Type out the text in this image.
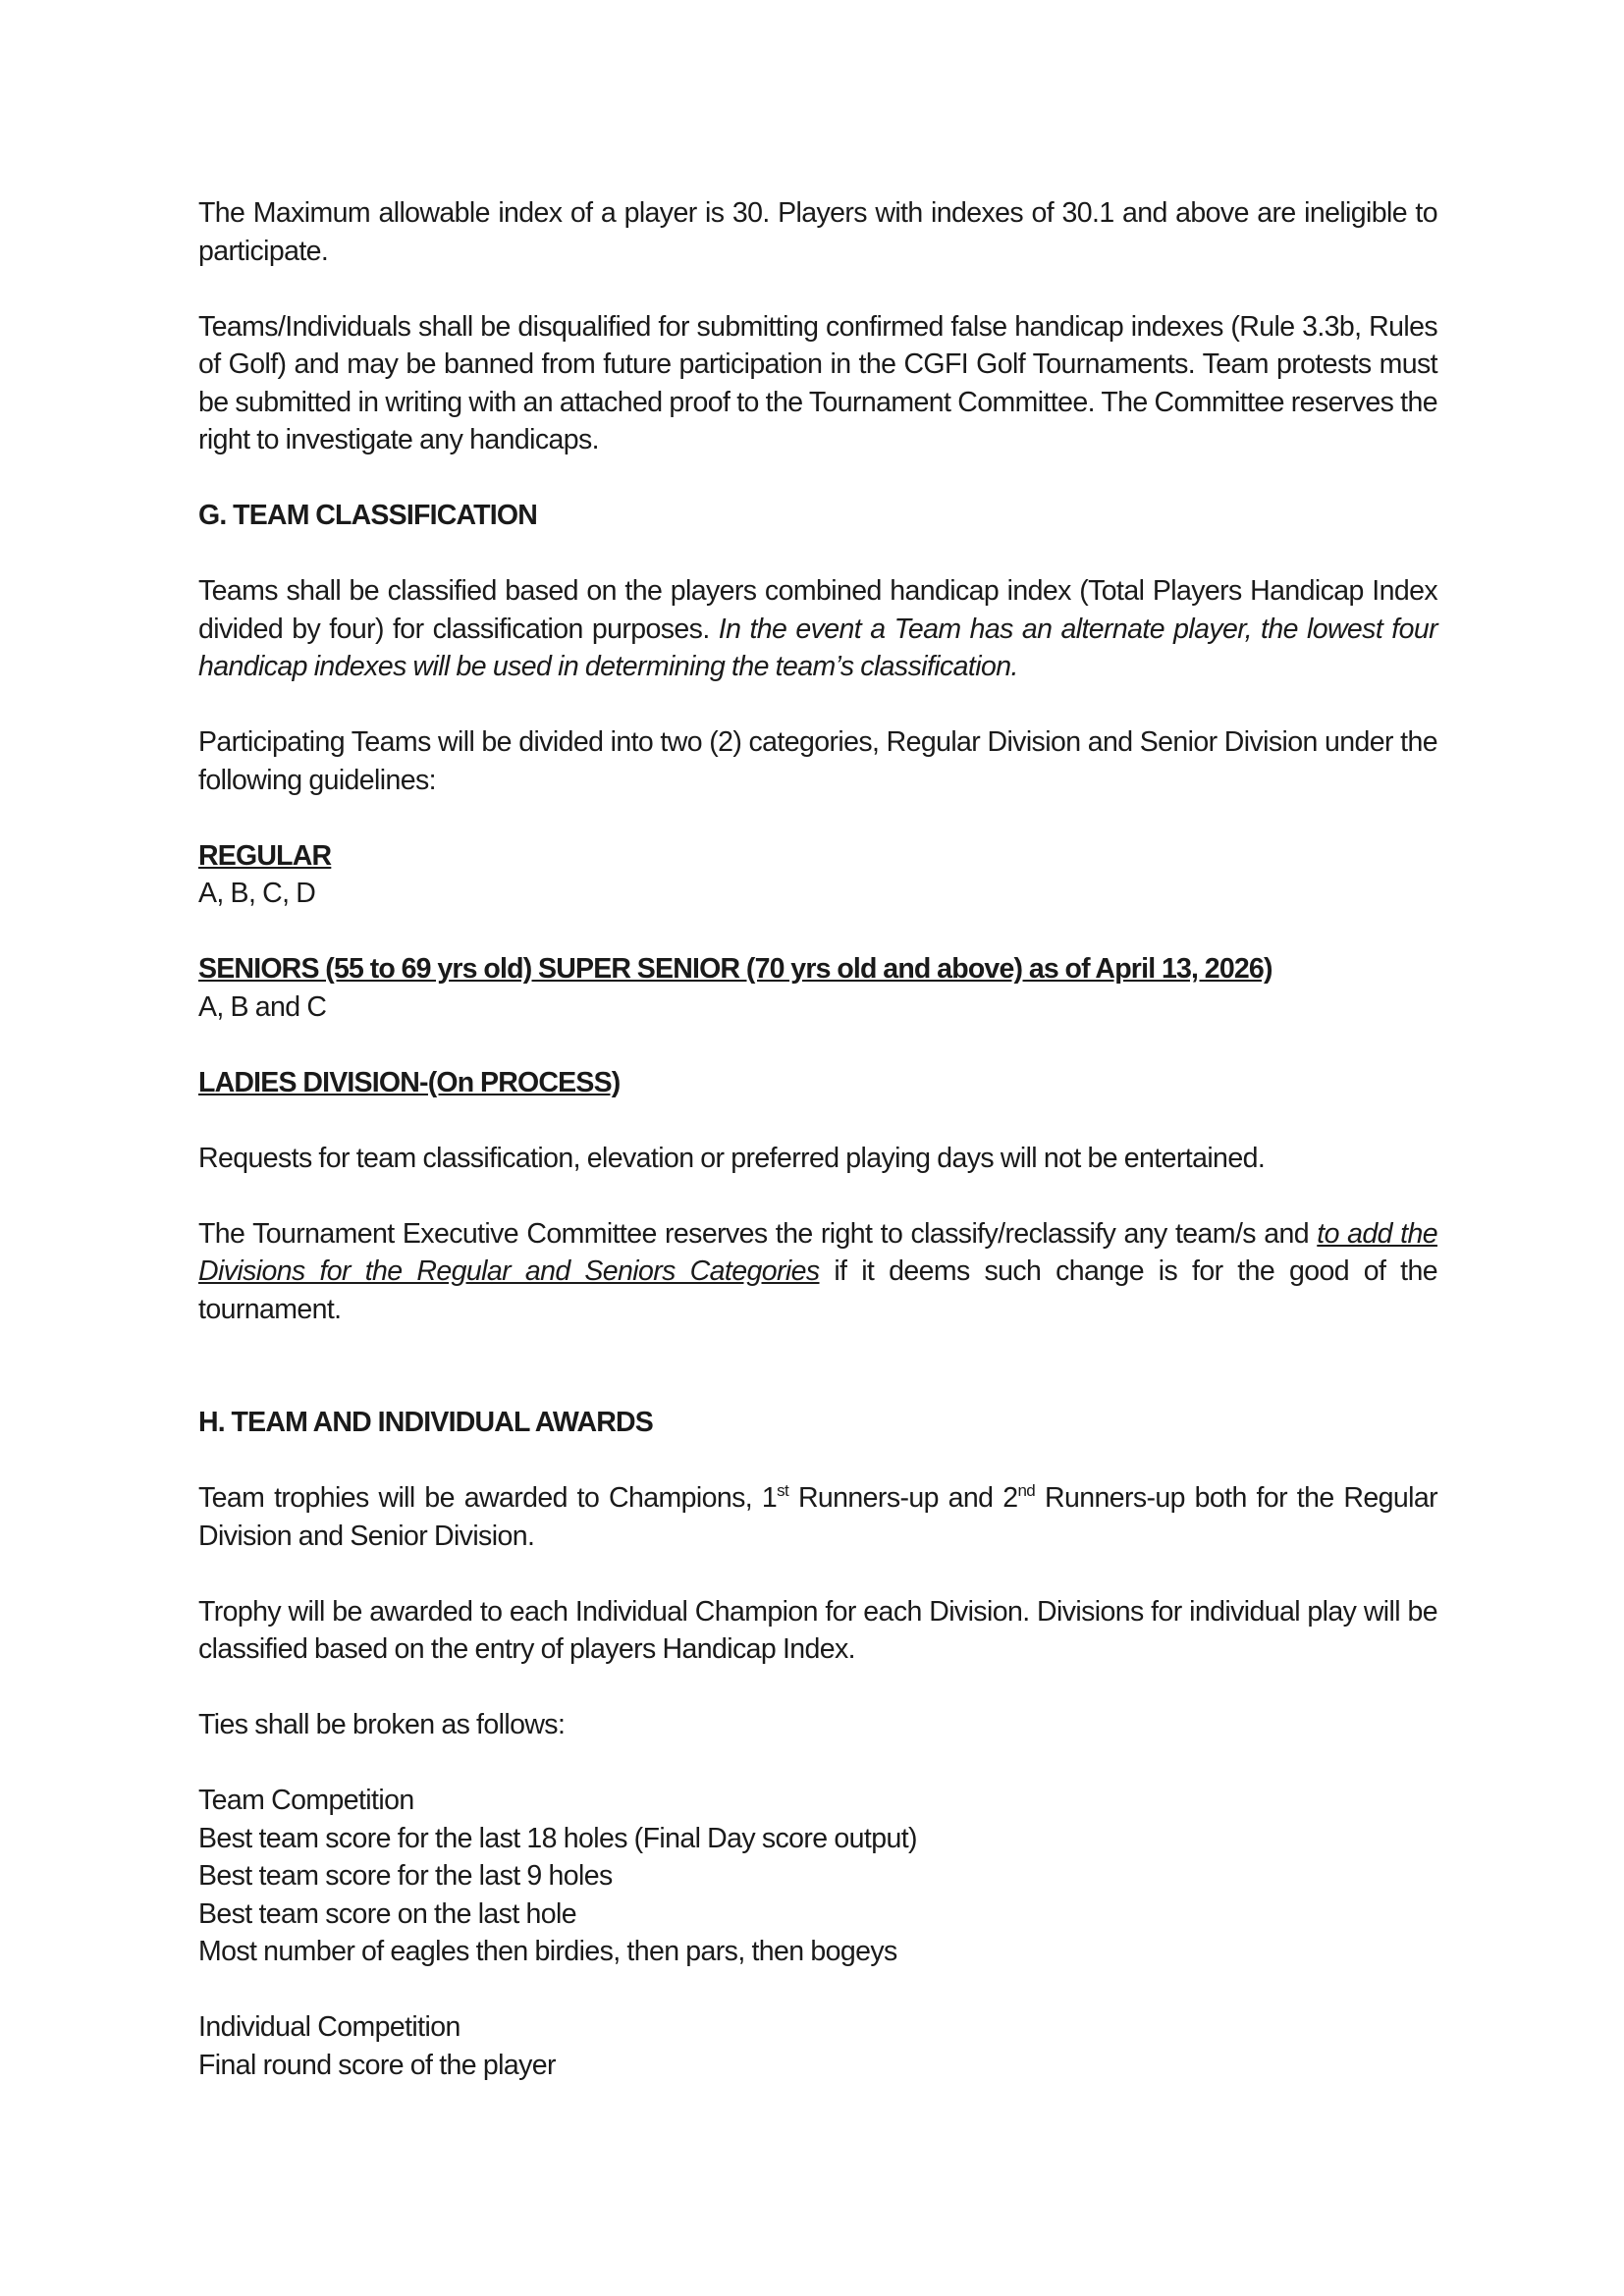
The Maximum allowable index of a player is 30. Players with indexes of 30.1 and above are ineligible to participate.

Teams/Individuals shall be disqualified for submitting confirmed false handicap indexes (Rule 3.3b, Rules of Golf) and may be banned from future participation in the CGFI Golf Tournaments. Team protests must be submitted in writing with an attached proof to the Tournament Committee. The Committee reserves the right to investigate any handicaps.

G. TEAM CLASSIFICATION

Teams shall be classified based on the players combined handicap index (Total Players Handicap Index divided by four) for classification purposes. In the event a Team has an alternate player, the lowest four handicap indexes will be used in determining the team’s classification.

Participating Teams will be divided into two (2) categories, Regular Division and Senior Division under the following guidelines:

REGULAR
A, B, C, D
SENIORS (55 to 69 yrs old) SUPER SENIOR (70 yrs old and above) as of April 13, 2026)
A, B and C
LADIES DIVISION-(On PROCESS)

Requests for team classification, elevation or preferred playing days will not be entertained.

The Tournament Executive Committee reserves the right to classify/reclassify any team/s and to add the Divisions for the Regular and Seniors Categories if it deems such change is for the good of the tournament.

H. TEAM AND INDIVIDUAL AWARDS

Team trophies will be awarded to Champions, 1st Runners-up and 2nd Runners-up both for the Regular Division and Senior Division.

Trophy will be awarded to each Individual Champion for each Division. Divisions for individual play will be classified based on the entry of players Handicap Index.

Ties shall be broken as follows:

Team Competition
Best team score for the last 18 holes (Final Day score output)
Best team score for the last 9 holes
Best team score on the last hole
Most number of eagles then birdies, then pars, then bogeys
Individual Competition
Final round score of the player
